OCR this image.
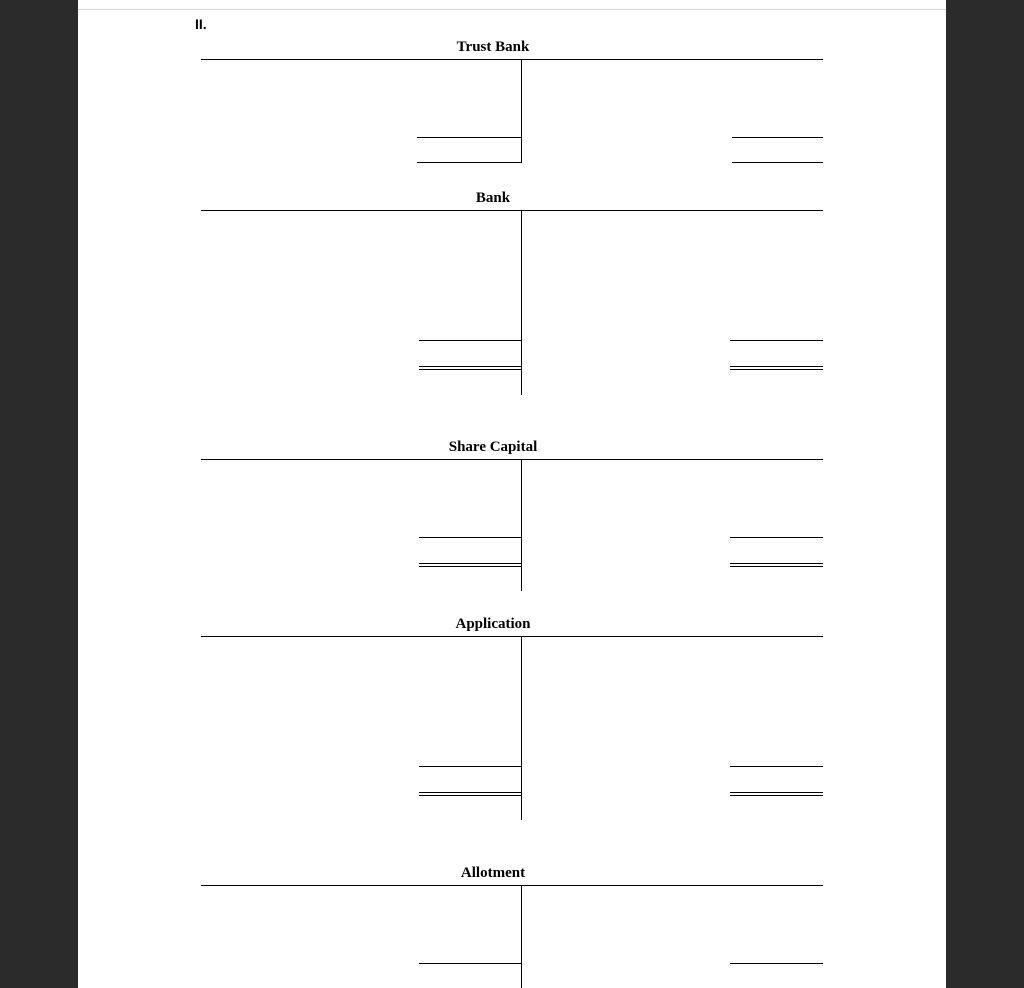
II.
Trust Bank
Bank
Share Capital
Application
Allotment
